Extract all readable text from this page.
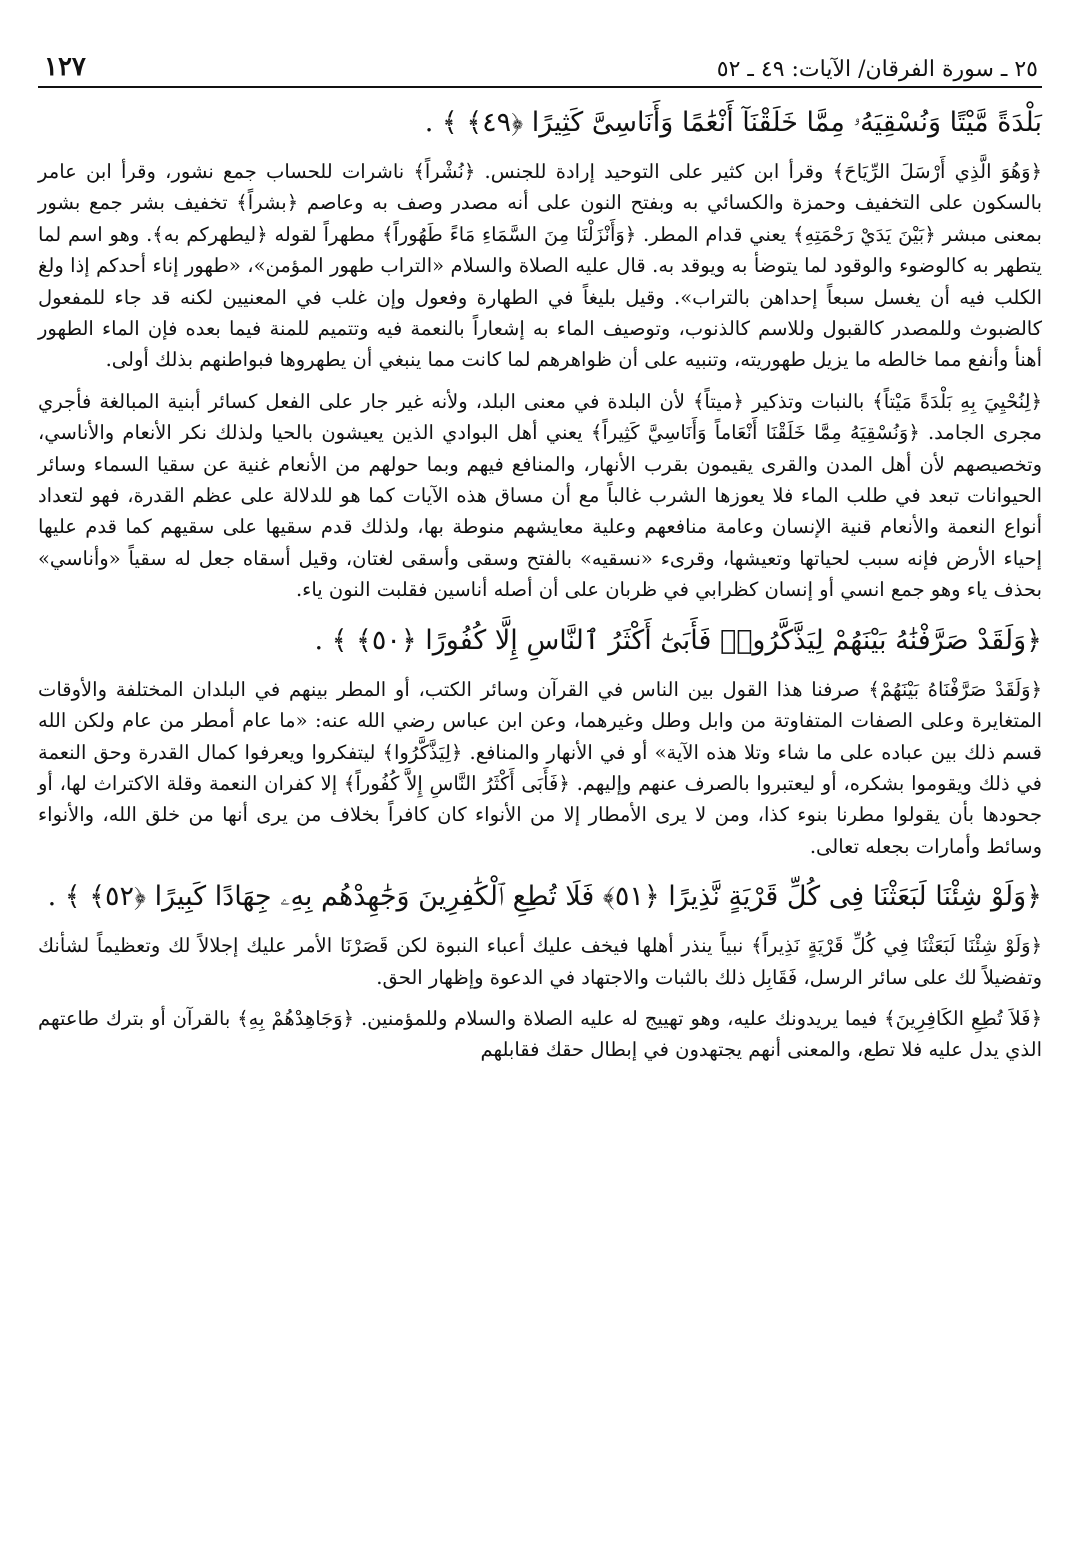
٢٥ ـ سورة الفرقان/ الآيات: ٤٩ ـ ٥٢
١٢٧
بَلْدَةً مَّيْتًا وَنُسْقِيَهُۥ مِمَّا خَلَقْنَآ أَنْعَٰمًا وَأَنَاسِىَّ كَثِيرًا ﴿٤٩﴾ ﴾ .

﴿وَهُوَ الَّذِي أَرْسَلَ الرِّيَاحَ﴾ وقرأ ابن كثير على التوحيد إرادة للجنس. ﴿نُشْراً﴾ ناشرات للحساب جمع نشور، وقرأ ابن عامر بالسكون على التخفيف وحمزة والكسائي به وبفتح النون على أنه مصدر وصف به وعاصم ﴿بشراً﴾ تخفيف بشر جمع بشور بمعنى مبشر ﴿بَيْنَ يَدَيْ رَحْمَتِهِ﴾ يعني قدام المطر. ﴿وَأَنْزَلْنَا مِنَ السَّمَاءِ مَاءً طَهُوراً﴾ مطهراً لقوله ﴿ليطهركم به﴾. وهو اسم لما يتطهر به كالوضوء والوقود لما يتوضأ به ويوقد به. قال عليه الصلاة والسلام «التراب طهور المؤمن»، «طهور إناء أحدكم إذا ولغ الكلب فيه أن يغسل سبعاً إحداهن بالتراب». وقيل بليغاً في الطهارة وفعول وإن غلب في المعنيين لكنه قد جاء للمفعول كالضبوث وللمصدر كالقبول وللاسم كالذنوب، وتوصيف الماء به إشعاراً بالنعمة فيه وتتميم للمنة فيما بعده فإن الماء الطهور أهنأ وأنفع مما خالطه ما يزيل طهوريته، وتنبيه على أن ظواهرهم لما كانت مما ينبغي أن يطهروها فبواطنهم بذلك أولى.

﴿لِنُحْيِيَ بِهِ بَلْدَةً مَيْتاً﴾ بالنبات وتذكير ﴿ميتاً﴾ لأن البلدة في معنى البلد، ولأنه غير جار على الفعل كسائر أبنية المبالغة فأجري مجرى الجامد. ﴿وَنُسْقِيَهُ مِمَّا خَلَقْنَا أَنْعَاماً وَأَنَاسِيَّ كَثِيراً﴾ يعني أهل البوادي الذين يعيشون بالحيا ولذلك نكر الأنعام والأناسي، وتخصيصهم لأن أهل المدن والقرى يقيمون بقرب الأنهار، والمنافع فيهم وبما حولهم من الأنعام غنية عن سقيا السماء وسائر الحيوانات تبعد في طلب الماء فلا يعوزها الشرب غالباً مع أن مساق هذه الآيات كما هو للدلالة على عظم القدرة، فهو لتعداد أنواع النعمة والأنعام قنية الإنسان وعامة منافعهم وعلية معايشهم منوطة بها، ولذلك قدم سقيها على سقيهم كما قدم عليها إحياء الأرض فإنه سبب لحياتها وتعيشها، وقرىء «نسقيه» بالفتح وسقى وأسقى لغتان، وقيل أسقاه جعل له سقياً «وأناسي» بحذف ياء وهو جمع انسي أو إنسان كظرابي في ظربان على أن أصله أناسين فقلبت النون ياء.

﴿وَلَقَدْ صَرَّفْنَٰهُ بَيْنَهُمْ لِيَذَّكَّرُوا۟ فَأَبَىٰٓ أَكْثَرُ ٱلنَّاسِ إِلَّا كُفُورًا ﴿٥٠﴾ ﴾ .

﴿وَلَقَدْ صَرَّفْنَاهُ بَيْنَهُمْ﴾ صرفنا هذا القول بين الناس في القرآن وسائر الكتب، أو المطر بينهم في البلدان المختلفة والأوقات المتغايرة وعلى الصفات المتفاوتة من وابل وطل وغيرهما، وعن ابن عباس رضي الله عنه: «ما عام أمطر من عام ولكن الله قسم ذلك بين عباده على ما شاء وتلا هذه الآية» أو في الأنهار والمنافع. ﴿لِيَذَّكَّرُوا﴾ ليتفكروا ويعرفوا كمال القدرة وحق النعمة في ذلك ويقوموا بشكره، أو ليعتبروا بالصرف عنهم وإليهم. ﴿فَأَبَى أَكْثَرُ النَّاسِ إِلاَّ كُفُوراً﴾ إلا كفران النعمة وقلة الاكتراث لها، أو جحودها بأن يقولوا مطرنا بنوء كذا، ومن لا يرى الأمطار إلا من الأنواء كان كافراً بخلاف من يرى أنها من خلق الله، والأنواء وسائط وأمارات بجعله تعالى.

﴿وَلَوْ شِئْنَا لَبَعَثْنَا فِى كُلِّ قَرْيَةٍ نَّذِيرًا ﴿٥١﴾ فَلَا تُطِعِ ٱلْكَٰفِرِينَ وَجَٰهِدْهُم بِهِۦ جِهَادًا كَبِيرًا ﴿٥٢﴾ ﴾ .

﴿وَلَوْ شِئْنَا لَبَعَثْنَا فِي كُلِّ قَرْيَةٍ نَذِيراً﴾ نبياً ينذر أهلها فيخف عليك أعباء النبوة لكن قَصَرْنَا الأمر عليك إجلالاً لك وتعظيماً لشأنك وتفضيلاً لك على سائر الرسل، فَقَابِل ذلك بالثبات والاجتهاد في الدعوة وإظهار الحق.

﴿فَلاَ تُطِعِ الكَافِرِينَ﴾ فيما يريدونك عليه، وهو تهييج له عليه الصلاة والسلام وللمؤمنين. ﴿وَجَاهِدْهُمْ بِهِ﴾ بالقرآن أو بترك طاعتهم الذي يدل عليه فلا تطع، والمعنى أنهم يجتهدون في إبطال حقك فقابلهم
